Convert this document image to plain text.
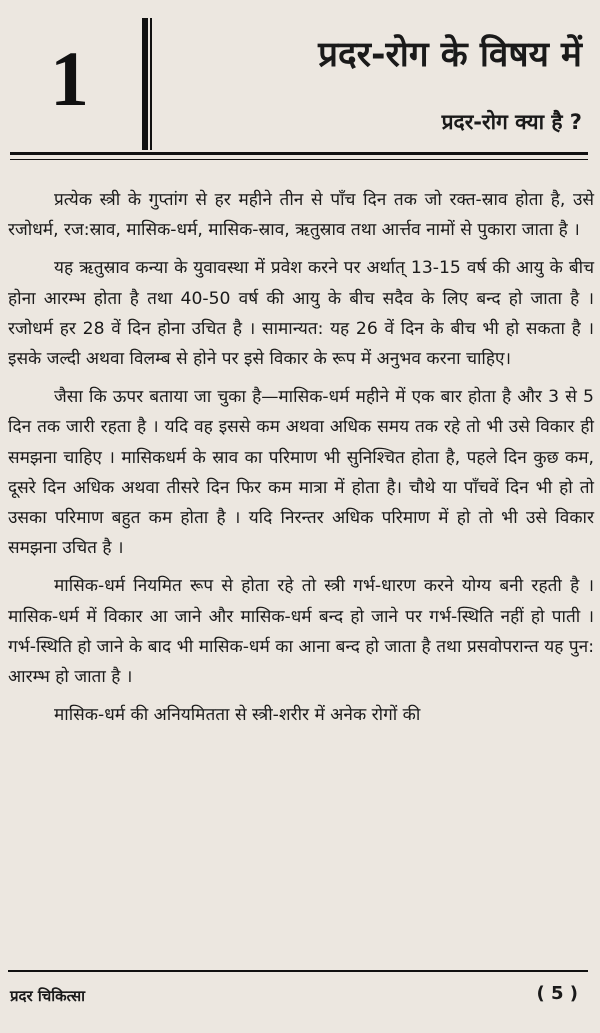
1	प्रदर-रोग के विषय में
प्रदर-रोग क्या है ?

प्रत्येक स्त्री के गुप्तांग से हर महीने तीन से पाँच दिन तक जो रक्त-स्राव होता है, उसे रजोधर्म, रज:स्राव, मासिक-धर्म, मासिक-स्राव, ऋतुस्राव तथा आर्त्तव नामों से पुकारा जाता है ।

यह ऋतुस्राव कन्या के युवावस्था में प्रवेश करने पर अर्थात् 13-15 वर्ष की आयु के बीच होना आरम्भ होता है तथा 40-50 वर्ष की आयु के बीच सदैव के लिए बन्द हो जाता है । रजोधर्म हर 28 वें दिन होना उचित है । सामान्यत: यह 26 वें दिन के बीच भी हो सकता है । इसके जल्दी अथवा विलम्ब से होने पर इसे विकार के रूप में अनुभव करना चाहिए।

जैसा कि ऊपर बताया जा चुका है—मासिक-धर्म महीने में एक बार होता है और 3 से 5 दिन तक जारी रहता है । यदि वह इससे कम अथवा अधिक समय तक रहे तो भी उसे विकार ही समझना चाहिए । मासिकधर्म के स्राव का परिमाण भी सुनिश्चित होता है, पहले दिन कुछ कम, दूसरे दिन अधिक अथवा तीसरे दिन फिर कम मात्रा में होता है। चौथे या पाँचवें दिन भी हो तो उसका परिमाण बहुत कम होता है । यदि निरन्तर अधिक परिमाण में हो तो भी उसे विकार समझना उचित है ।

मासिक-धर्म नियमित रूप से होता रहे तो स्त्री गर्भ-धारण करने योग्य बनी रहती है । मासिक-धर्म में विकार आ जाने और मासिक-धर्म बन्द हो जाने पर गर्भ-स्थिति नहीं हो पाती । गर्भ-स्थिति हो जाने के बाद भी मासिक-धर्म का आना बन्द हो जाता है तथा प्रसवोपरान्त यह पुन: आरम्भ हो जाता है ।

मासिक-धर्म की अनियमितता से स्त्री-शरीर में अनेक रोगों की

प्रदर चिकित्सा	( 5 )
